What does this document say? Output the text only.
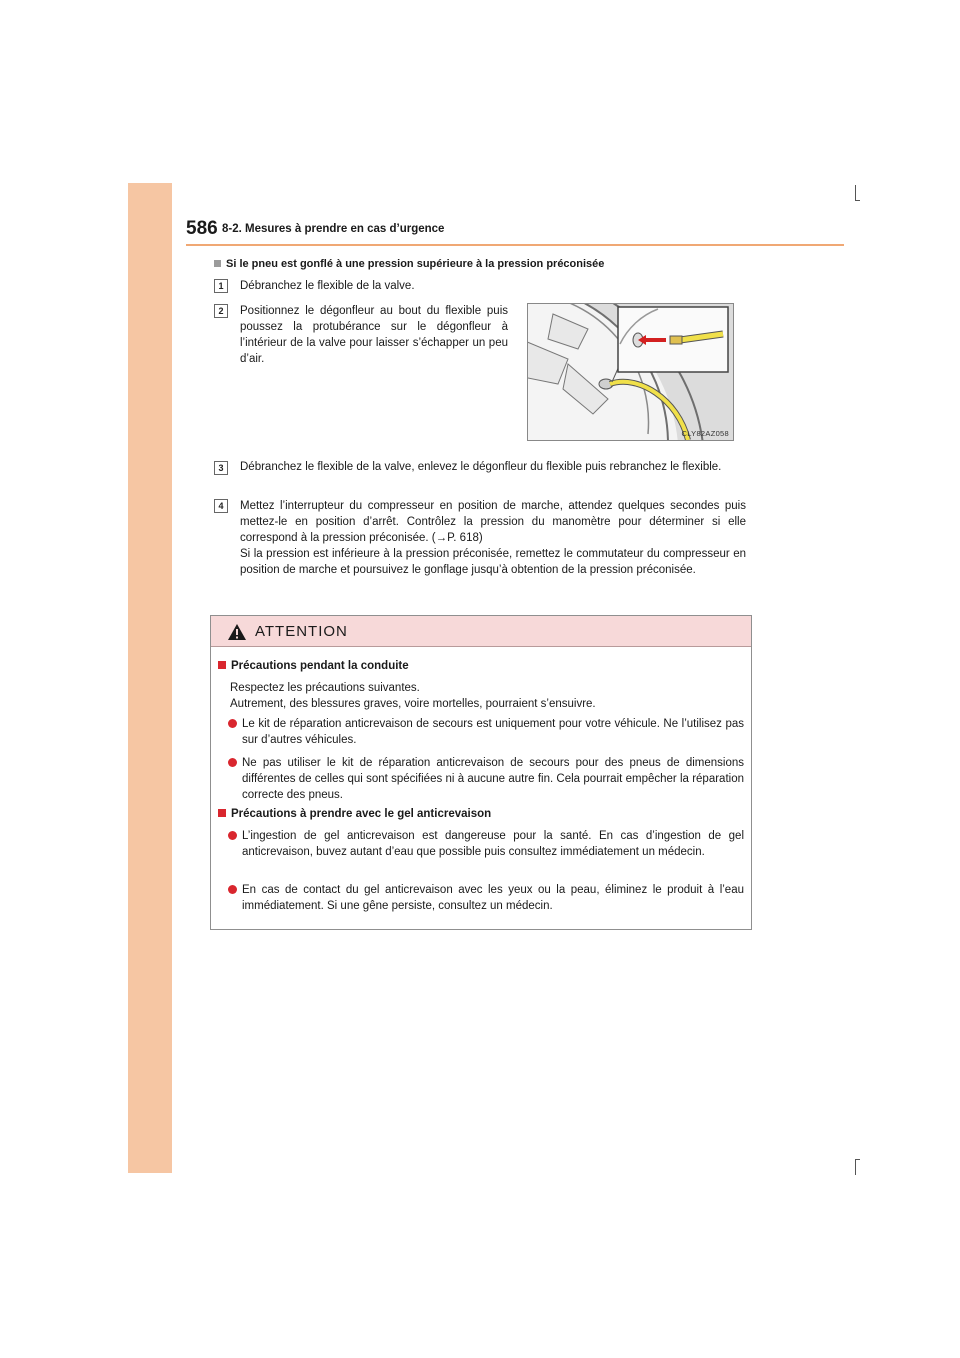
586 8-2. Mesures à prendre en cas d’urgence
Si le pneu est gonflé à une pression supérieure à la pression préconisée
1	Débranchez le flexible de la valve.
2	Positionnez le dégonfleur au bout du flexible puis poussez la protubérance sur le dégonfleur à l’intérieur de la valve pour laisser s’échapper un peu d’air.
CLY82AZ058
3	Débranchez le flexible de la valve, enlevez le dégonfleur du flexible puis rebranchez le flexible.
4	Mettez l’interrupteur du compresseur en position de marche, attendez quelques secondes puis mettez-le en position d’arrêt. Contrôlez la pression du manomètre pour déterminer si elle correspond à la pression préconisée. (→P. 618)
Si la pression est inférieure à la pression préconisée, remettez le commutateur du compresseur en position de marche et poursuivez le gonflage jusqu’à obtention de la pression préconisée.
ATTENTION
Précautions pendant la conduite
Respectez les précautions suivantes.
Autrement, des blessures graves, voire mortelles, pourraient s’ensuivre.
Le kit de réparation anticrevaison de secours est uniquement pour votre véhicule. Ne l’utilisez pas sur d’autres véhicules.
Ne pas utiliser le kit de réparation anticrevaison de secours pour des pneus de dimensions différentes de celles qui sont spécifiées ni à aucune autre fin. Cela pourrait empêcher la réparation correcte des pneus.
Précautions à prendre avec le gel anticrevaison
L’ingestion de gel anticrevaison est dangereuse pour la santé. En cas d’ingestion de gel anticrevaison, buvez autant d’eau que possible puis consultez immédiatement un médecin.
En cas de contact du gel anticrevaison avec les yeux ou la peau, éliminez le produit à l’eau immédiatement. Si une gêne persiste, consultez un médecin.
